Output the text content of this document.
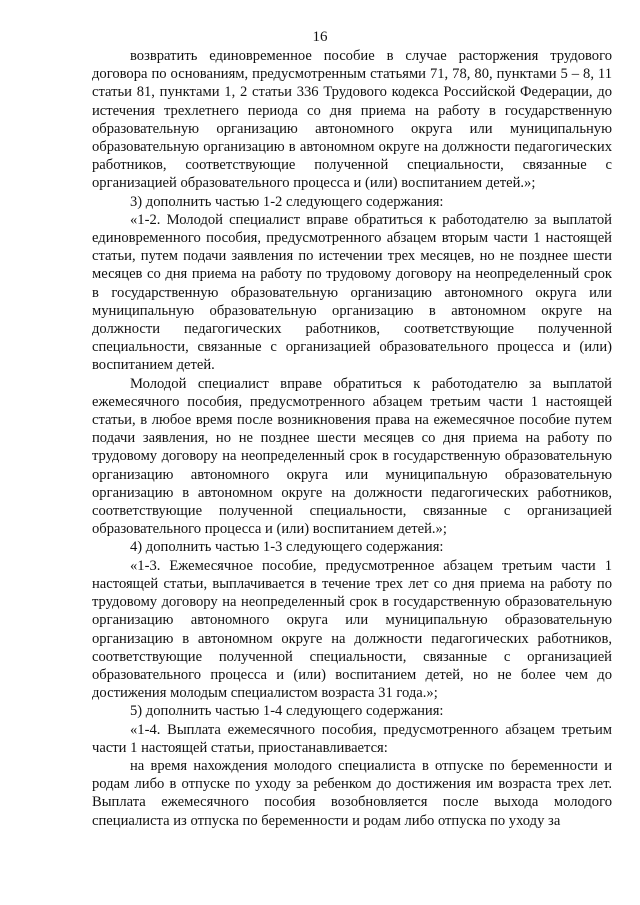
16

возвратить единовременное пособие в случае расторжения трудового договора по основаниям, предусмотренным статьями 71, 78, 80, пунктами 5 – 8, 11 статьи 81, пунктами 1, 2 статьи 336 Трудового кодекса Российской Федерации, до истечения трехлетнего периода со дня приема на работу в государственную образовательную организацию автономного округа или муниципальную образовательную организацию в автономном округе на должности педагогических работников, соответствующие полученной специальности, связанные с организацией образовательного процесса и (или) воспитанием детей.»;

3) дополнить частью 1-2 следующего содержания:

«1-2. Молодой специалист вправе обратиться к работодателю за выплатой единовременного пособия, предусмотренного абзацем вторым части 1 настоящей статьи, путем подачи заявления по истечении трех месяцев, но не позднее шести месяцев со дня приема на работу по трудовому договору на неопределенный срок в государственную образовательную организацию автономного округа или муниципальную образовательную организацию в автономном округе на должности педагогических работников, соответствующие полученной специальности, связанные с организацией образовательного процесса и (или) воспитанием детей.

Молодой специалист вправе обратиться к работодателю за выплатой ежемесячного пособия, предусмотренного абзацем третьим части 1 настоящей статьи, в любое время после возникновения права на ежемесячное пособие путем подачи заявления, но не позднее шести месяцев со дня приема на работу по трудовому договору на неопределенный срок в государственную образовательную организацию автономного округа или муниципальную образовательную организацию в автономном округе на должности педагогических работников, соответствующие полученной специальности, связанные с организацией образовательного процесса и (или) воспитанием детей.»;

4) дополнить частью 1-3 следующего содержания:

«1-3. Ежемесячное пособие, предусмотренное абзацем третьим части 1 настоящей статьи, выплачивается в течение трех лет со дня приема на работу по трудовому договору на неопределенный срок в государственную образовательную организацию автономного округа или муниципальную образовательную организацию в автономном округе на должности педагогических работников, соответствующие полученной специальности, связанные с организацией образовательного процесса и (или) воспитанием детей, но не более чем до достижения молодым специалистом возраста 31 года.»;

5) дополнить частью 1-4 следующего содержания:

«1-4. Выплата ежемесячного пособия, предусмотренного абзацем третьим части 1 настоящей статьи, приостанавливается:

на время нахождения молодого специалиста в отпуске по беременности и родам либо в отпуске по уходу за ребенком до достижения им возраста трех лет. Выплата ежемесячного пособия возобновляется после выхода молодого специалиста из отпуска по беременности и родам либо отпуска по уходу за
